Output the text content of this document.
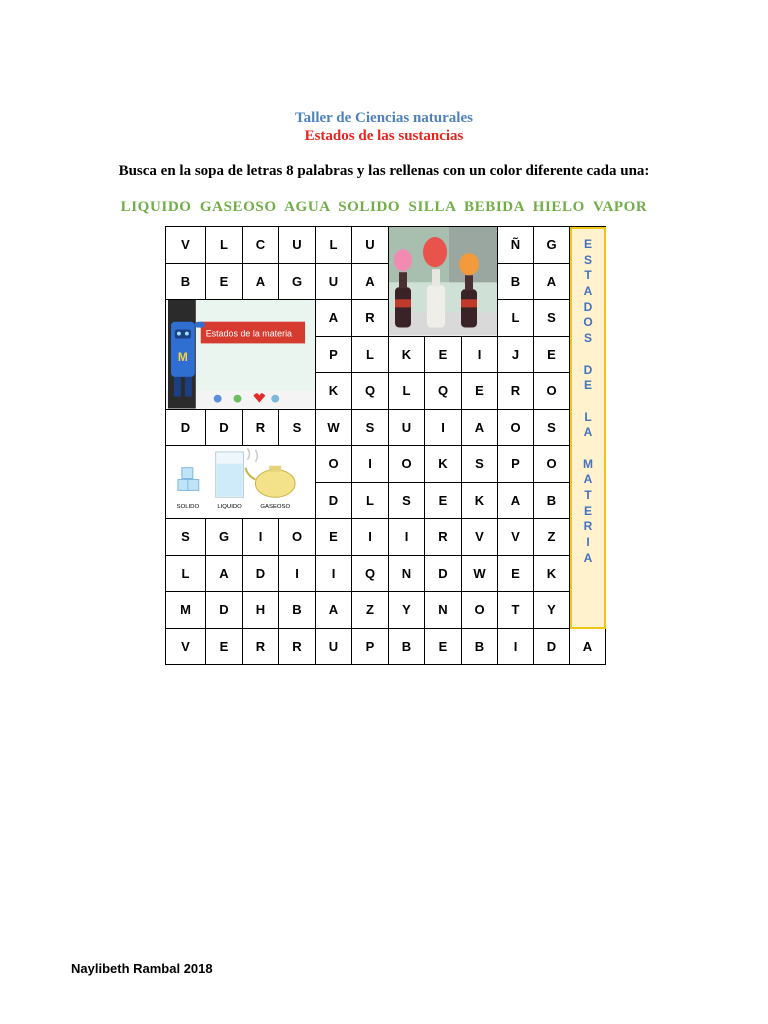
Taller de Ciencias naturales
Estados de las sustancias
Busca en la sopa de letras 8 palabras y las rellenas con un color diferente cada una:
LIQUIDO GASEOSO AGUA SOLIDO SILLA BEBIDA HIELO VAPOR
Estados de la materia
M
SOLIDO	LIQUIDO	GASEOSO
E
S
T
A
D
O
S
D
E
L
A
M
A
T
E
R
I
A
V	L	C	U	L	U	Ñ	G
B	E	A	G	U	A	B	A
A	R	L	S
P	L	K	E	I	J	E
K	Q	L	Q	E	R	O
D	D	R	S	W	S	U	I	A	O	S
O	I	O	K	S	P	O
D	L	S	E	K	A	B
S	G	I	O	E	I	I	R	V	V	Z
L	A	D	I	I	Q	N	D	W	E	K
M	D	H	B	A	Z	Y	N	O	T	Y
V	E	R	R	U	P	B	E	B	I	D	A
Naylibeth Rambal 2018
